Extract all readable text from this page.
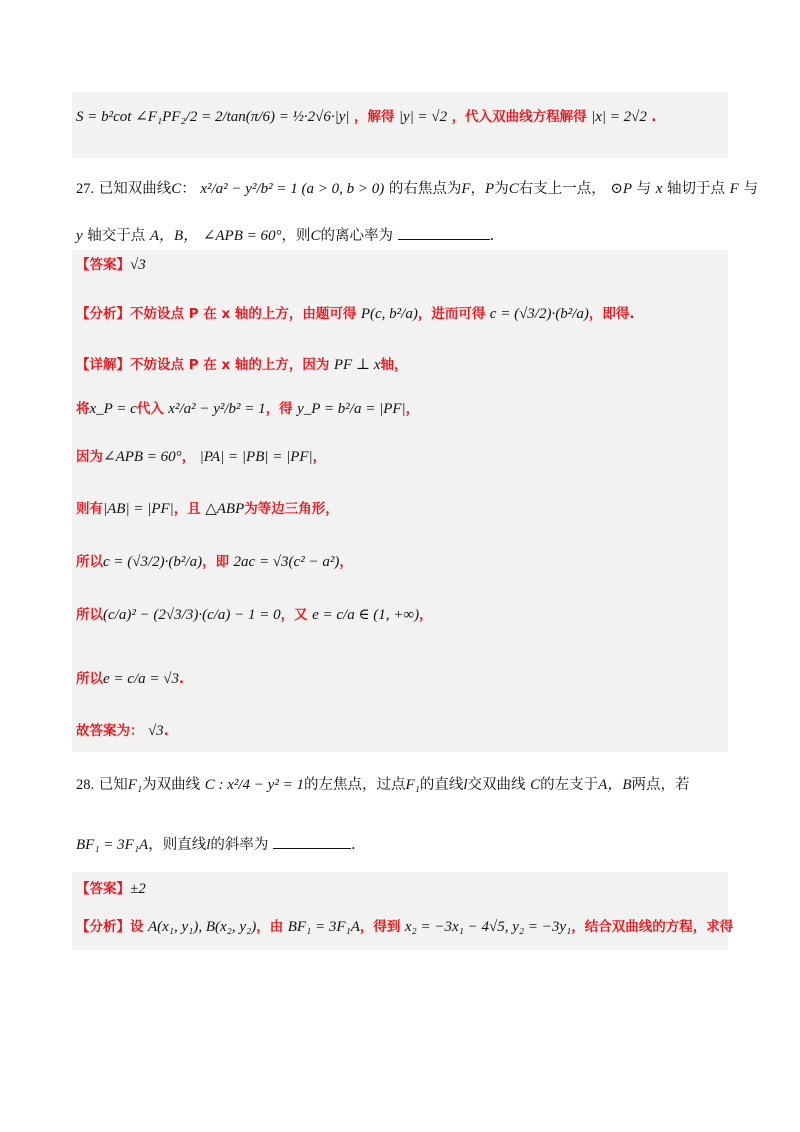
S = b²cot ∠F₁PF₂/2 = 2/tan(π/6) = ½·2√6·|y| ，解得 |y| = √2 ，代入双曲线方程解得 |x| = 2√2 .
27. 已知双曲线C： x²/a² − y²/b² = 1 (a > 0, b > 0) 的右焦点为F，P为C右支上一点， ⊙P 与 x 轴切于点 F 与
y 轴交于点 A，B， ∠APB = 60°，则C的离心率为	.
【答案】√3
【分析】不妨设点 P 在 x 轴的上方，由题可得 P(c, b²/a)，进而可得 c = (√3/2)·(b²/a)，即得.
【详解】不妨设点 P 在 x 轴的上方，因为 PF ⊥ x轴，
将x_P = c代入 x²/a² − y²/b² = 1，得 y_P = b²/a = |PF|，
因为∠APB = 60°， |PA| = |PB| = |PF|，
则有|AB| = |PF|，且 △ABP为等边三角形，
所以c = (√3/2)·(b²/a)，即 2ac = √3(c² − a²)，
所以(c/a)² − (2√3/3)·(c/a) − 1 = 0，又 e = c/a ∈ (1, +∞)，
所以e = c/a = √3.
故答案为： √3.
28. 已知F₁为双曲线 C : x²/4 − y² = 1的左焦点，过点F₁的直线l交双曲线 C的左支于A，B两点，若
BF₁ = 3F₁A，则直线l的斜率为	.
【答案】±2
【分析】设 A(x₁, y₁), B(x₂, y₂)，由 BF₁ = 3F₁A，得到 x₂ = −3x₁ − 4√5, y₂ = −3y₁，结合双曲线的方程，求得
